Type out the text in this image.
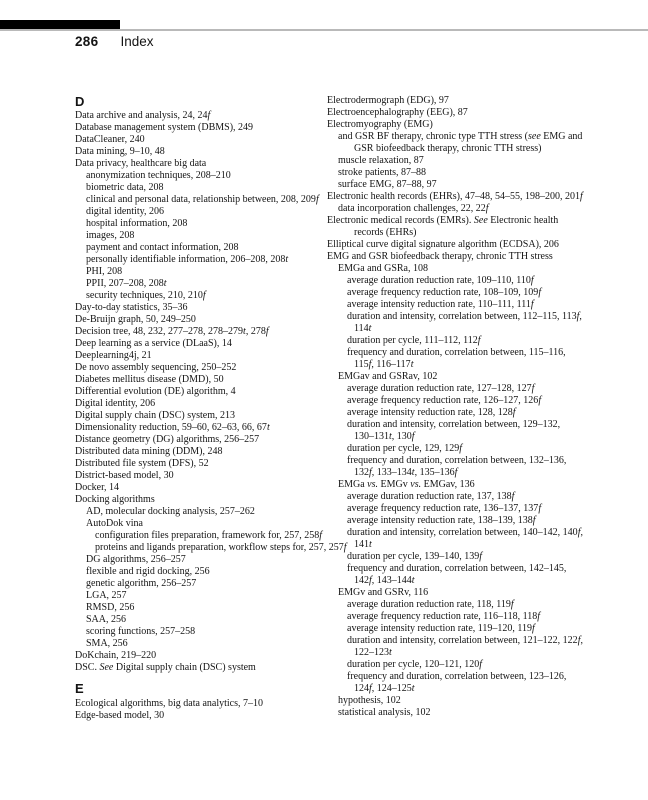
286 Index
D
Data archive and analysis, 24, 24f
Database management system (DBMS), 249
DataCleaner, 240
Data mining, 9–10, 48
Data privacy, healthcare big data
anonymization techniques, 208–210
biometric data, 208
clinical and personal data, relationship between, 208, 209f
digital identity, 206
hospital information, 208
images, 208
payment and contact information, 208
personally identifiable information, 206–208, 208t
PHI, 208
PPII, 207–208, 208t
security techniques, 210, 210f
Day-to-day statistics, 35–36
De-Bruijn graph, 50, 249–250
Decision tree, 48, 232, 277–278, 278–279t, 278f
Deep learning as a service (DLaaS), 14
Deeplearning4j, 21
De novo assembly sequencing, 250–252
Diabetes mellitus disease (DMD), 50
Differential evolution (DE) algorithm, 4
Digital identity, 206
Digital supply chain (DSC) system, 213
Dimensionality reduction, 59–60, 62–63, 66, 67t
Distance geometry (DG) algorithms, 256–257
Distributed data mining (DDM), 248
Distributed file system (DFS), 52
District-based model, 30
Docker, 14
Docking algorithms
AD, molecular docking analysis, 257–262
AutoDok vina
configuration files preparation, framework for, 257, 258f
proteins and ligands preparation, workflow steps for, 257, 257f
DG algorithms, 256–257
flexible and rigid docking, 256
genetic algorithm, 256–257
LGA, 257
RMSD, 256
SAA, 256
scoring functions, 257–258
SMA, 256
DoKchain, 219–220
DSC. See Digital supply chain (DSC) system
E
Ecological algorithms, big data analytics, 7–10
Edge-based model, 30
Electrodermograph (EDG), 97
Electroencephalography (EEG), 87
Electromyography (EMG)
and GSR BF therapy, chronic type TTH stress (see EMG and
GSR biofeedback therapy, chronic TTH stress)
muscle relaxation, 87
stroke patients, 87–88
surface EMG, 87–88, 97
Electronic health records (EHRs), 47–48, 54–55, 198–200, 201f
data incorporation challenges, 22, 22f
Electronic medical records (EMRs). See Electronic health
records (EHRs)
Elliptical curve digital signature algorithm (ECDSA), 206
EMG and GSR biofeedback therapy, chronic TTH stress
EMGa and GSRa, 108
average duration reduction rate, 109–110, 110f
average frequency reduction rate, 108–109, 109f
average intensity reduction rate, 110–111, 111f
duration and intensity, correlation between, 112–115, 113f,
114t
duration per cycle, 111–112, 112f
frequency and duration, correlation between, 115–116,
115f, 116–117t
EMGav and GSRav, 102
average duration reduction rate, 127–128, 127f
average frequency reduction rate, 126–127, 126f
average intensity reduction rate, 128, 128f
duration and intensity, correlation between, 129–132,
130–131t, 130f
duration per cycle, 129, 129f
frequency and duration, correlation between, 132–136,
132f, 133–134t, 135–136f
EMGa vs. EMGv vs. EMGav, 136
average duration reduction rate, 137, 138f
average frequency reduction rate, 136–137, 137f
average intensity reduction rate, 138–139, 138f
duration and intensity, correlation between, 140–142, 140f,
141t
duration per cycle, 139–140, 139f
frequency and duration, correlation between, 142–145,
142f, 143–144t
EMGv and GSRv, 116
average duration reduction rate, 118, 119f
average frequency reduction rate, 116–118, 118f
average intensity reduction rate, 119–120, 119f
duration and intensity, correlation between, 121–122, 122f,
122–123t
duration per cycle, 120–121, 120f
frequency and duration, correlation between, 123–126,
124f, 124–125t
hypothesis, 102
statistical analysis, 102
